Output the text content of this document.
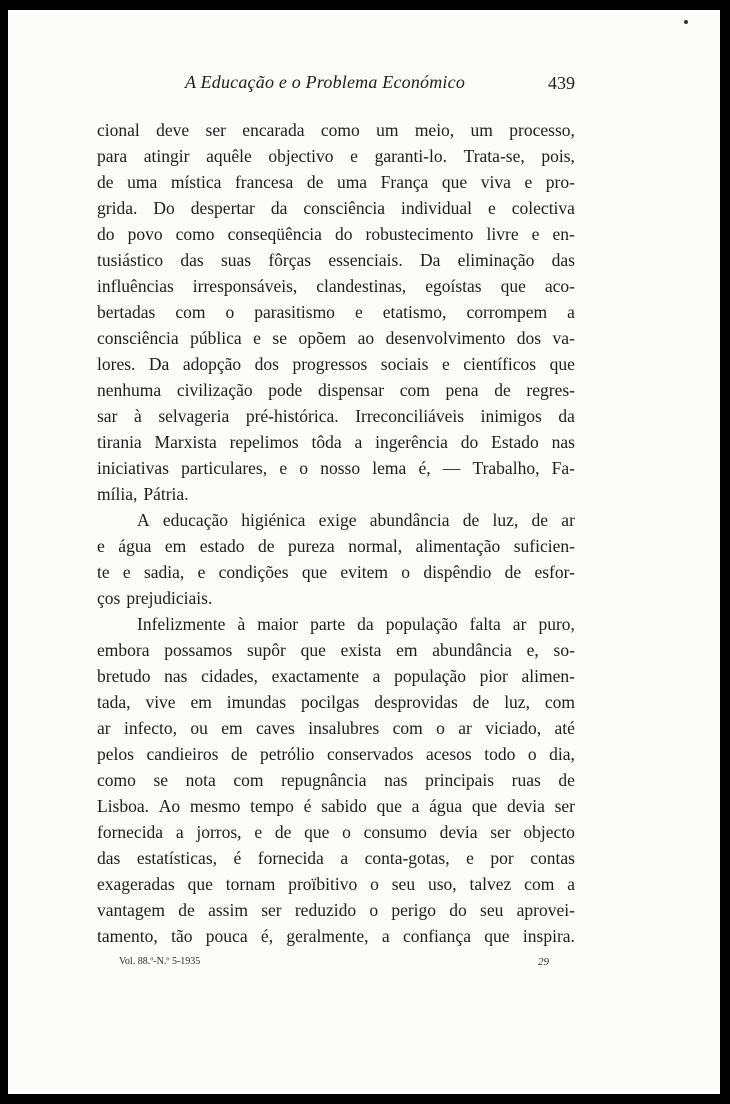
A Educação e o Problema Económico	439
cional deve ser encarada como um meio, um processo,
para atingir aquêle objectivo e garanti-lo. Trata-se, pois,
de uma mística francesa de uma França que viva e pro-
grida. Do despertar da consciência individual e colectiva
do povo como conseqüência do robustecimento livre e en-
tusiástico das suas fôrças essenciais. Da eliminação das
influências irresponsáveis, clandestinas, egoístas que aco-
bertadas com o parasitismo e etatismo, corrompem a
consciência pública e se opõem ao desenvolvimento dos va-
lores. Da adopção dos progressos sociais e científicos que
nenhuma civilização pode dispensar com pena de regres-
sar à selvageria pré-histórica. Irreconciliáveis inimigos da
tirania Marxista repelimos tôda a ingerência do Estado nas
iniciativas particulares, e o nosso lema é, — Trabalho, Fa-
mília, Pátria.
A educação higiénica exige abundância de luz, de ar
e água em estado de pureza normal, alimentação suficien-
te e sadia, e condições que evitem o dispêndio de esfor-
ços prejudiciais.
Infelizmente à maior parte da população falta ar puro,
embora possamos supôr que exista em abundância e, so-
bretudo nas cidades, exactamente a população pior alimen-
tada, vive em imundas pocilgas desprovidas de luz, com
ar infecto, ou em caves insalubres com o ar viciado, até
pelos candieiros de petrólio conservados acesos todo o dia,
como se nota com repugnância nas principais ruas de
Lisboa. Ao mesmo tempo é sabido que a água que devia ser
fornecida a jorros, e de que o consumo devia ser objecto
das estatísticas, é fornecida a conta-gotas, e por contas
exageradas que tornam proïbitivo o seu uso, talvez com a
vantagem de assim ser reduzido o perigo do seu aprovei-
tamento, tão pouca é, geralmente, a confiança que inspira.
Vol. 88.º-N.º 5-1935	29
